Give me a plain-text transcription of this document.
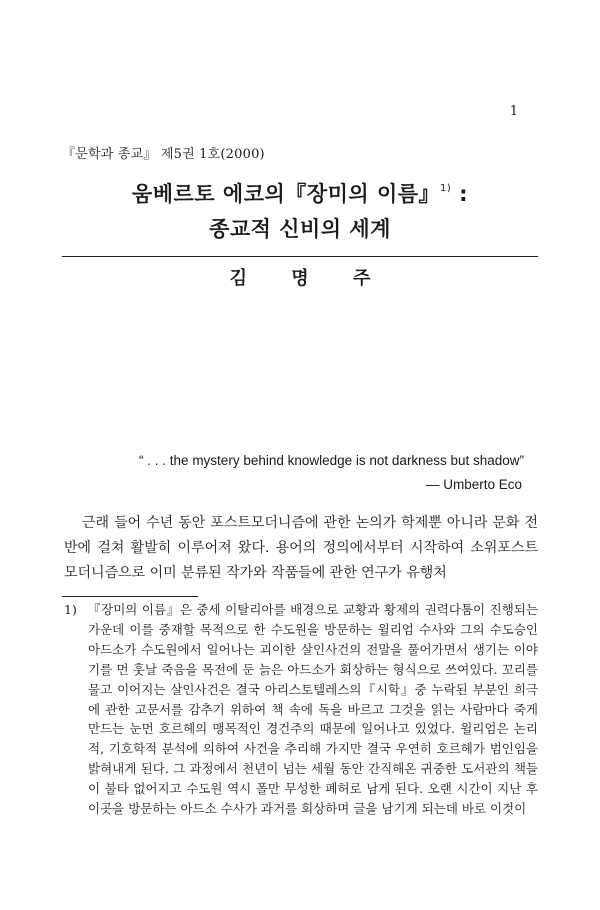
1
『문학과 종교』 제5권 1호(2000)
움베르토 에코의『장미의 이름』$^{1)}$ :
종교적 신비의 세계
김 명 주
“ . . . the mystery behind knowledge is not darkness but shadow”
― Umberto Eco

근래 들어 수년 동안 포스트모더니즘에 관한 논의가 학제뿐 아니라 문화 전반에 걸쳐 활발히 이루어져 왔다. 용어의 정의에서부터 시작하여 소위포스트 모더니즘으로 이미 분류된 작가와 작품들에 관한 연구가 유행처

1) 『장미의 이름』은 중세 이탈리아를 배경으로 교황과 황제의 권력다툼이 진행되는 가운데 이를 중재할 목적으로 한 수도원을 방문하는 윌리엄 수사와 그의 수도승인 아드소가 수도원에서 일어나는 괴이한 살인사건의 전말을 풀어가면서 생기는 이야기를 먼 훗날 죽음을 목전에 둔 늙은 아드소가 회상하는 형식으로 쓰여있다. 꼬리를 물고 이어지는 살인사건은 결국 아리스토텔레스의『시학』중 누락된 부분인 희극에 관한 고문서를 감추기 위하여 책 속에 독을 바르고 그것을 읽는 사람마다 죽게 만드는 눈먼 호르헤의 맹목적인 경건주의 때문에 일어나고 있었다. 윌리엄은 논리적, 기호학적 분석에 의하여 사건을 추리해 가지만 결국 우연히 호르헤가 범인임을 밝혀내게 된다. 그 과정에서 천년이 넘는 세월 동안 간직해온 귀중한 도서관의 책들이 불타 없어지고 수도원 역시 폴만 무성한 폐허로 남게 된다. 오랜 시간이 지난 후 이곳을 방문하는 아드소 수사가 과거를 회상하며 글을 남기게 되는데 바로 이것이
